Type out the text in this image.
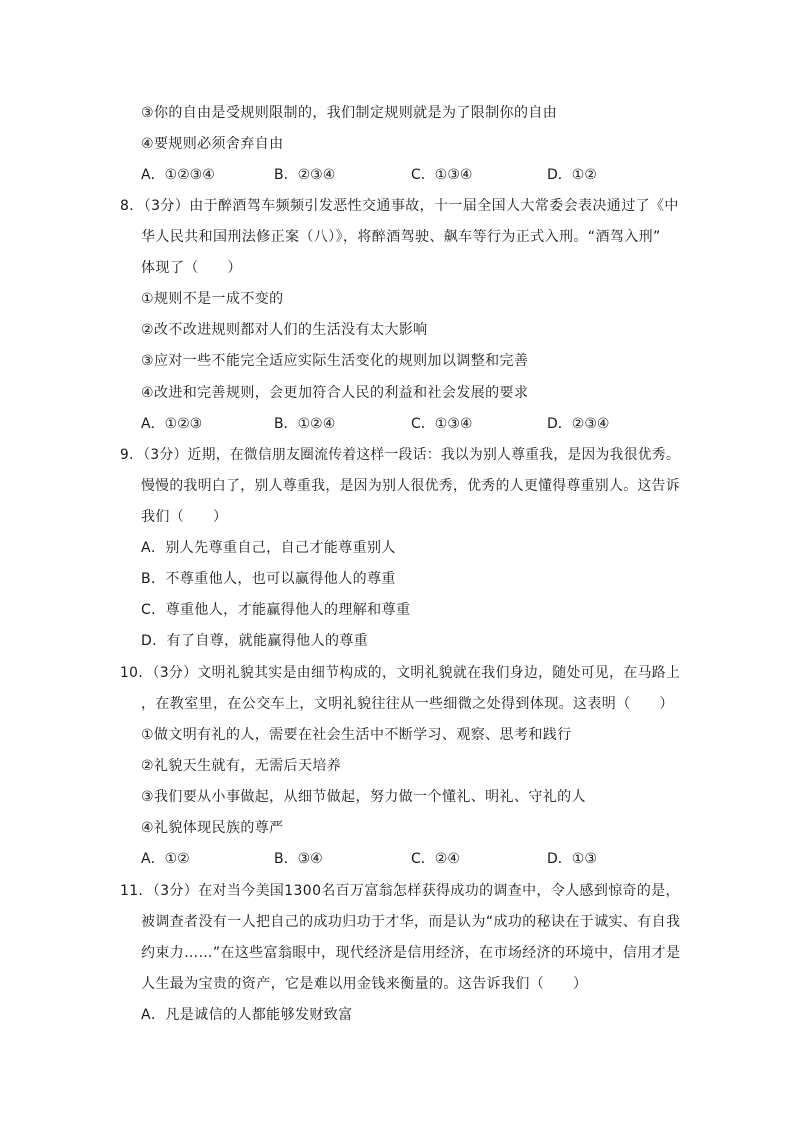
③你的自由是受规则限制的，我们制定规则就是为了限制你的自由
④要规则必须舍弃自由
A．①②③④	B．②③④	C．①③④	D．①②
8．（3分）由于醉酒驾车频频引发恶性交通事故，十一届全国人大常委会表决通过了《中
华人民共和国刑法修正案（八）》，将醉酒驾驶、飙车等行为正式入刑。“酒驾入刑”
体现了（　　）
①规则不是一成不变的
②改不改进规则都对人们的生活没有太大影响
③应对一些不能完全适应实际生活变化的规则加以调整和完善
④改进和完善规则，会更加符合人民的利益和社会发展的要求
A．①②③	B．①②④	C．①③④	D．②③④
9．（3分）近期，在微信朋友圈流传着这样一段话：我以为别人尊重我，是因为我很优秀。
慢慢的我明白了，别人尊重我，是因为别人很优秀，优秀的人更懂得尊重别人。这告诉
我们（　　）
A．别人先尊重自己，自己才能尊重别人
B．不尊重他人，也可以赢得他人的尊重
C．尊重他人，才能赢得他人的理解和尊重
D．有了自尊，就能赢得他人的尊重
10．（3分）文明礼貌其实是由细节构成的，文明礼貌就在我们身边，随处可见，在马路上
，在教室里，在公交车上，文明礼貌往往从一些细微之处得到体现。这表明（　　）
①做文明有礼的人，需要在社会生活中不断学习、观察、思考和践行
②礼貌天生就有，无需后天培养
③我们要从小事做起，从细节做起，努力做一个懂礼、明礼、守礼的人
④礼貌体现民族的尊严
A．①②	B．③④	C．②④	D．①③
11．（3分）在对当今美国1300名百万富翁怎样获得成功的调查中，令人感到惊奇的是，
被调查者没有一人把自己的成功归功于才华，而是认为“成功的秘诀在于诚实、有自我
约束力……”在这些富翁眼中，现代经济是信用经济，在市场经济的环境中，信用才是
人生最为宝贵的资产，它是难以用金钱来衡量的。这告诉我们（　　）
A．凡是诚信的人都能够发财致富
